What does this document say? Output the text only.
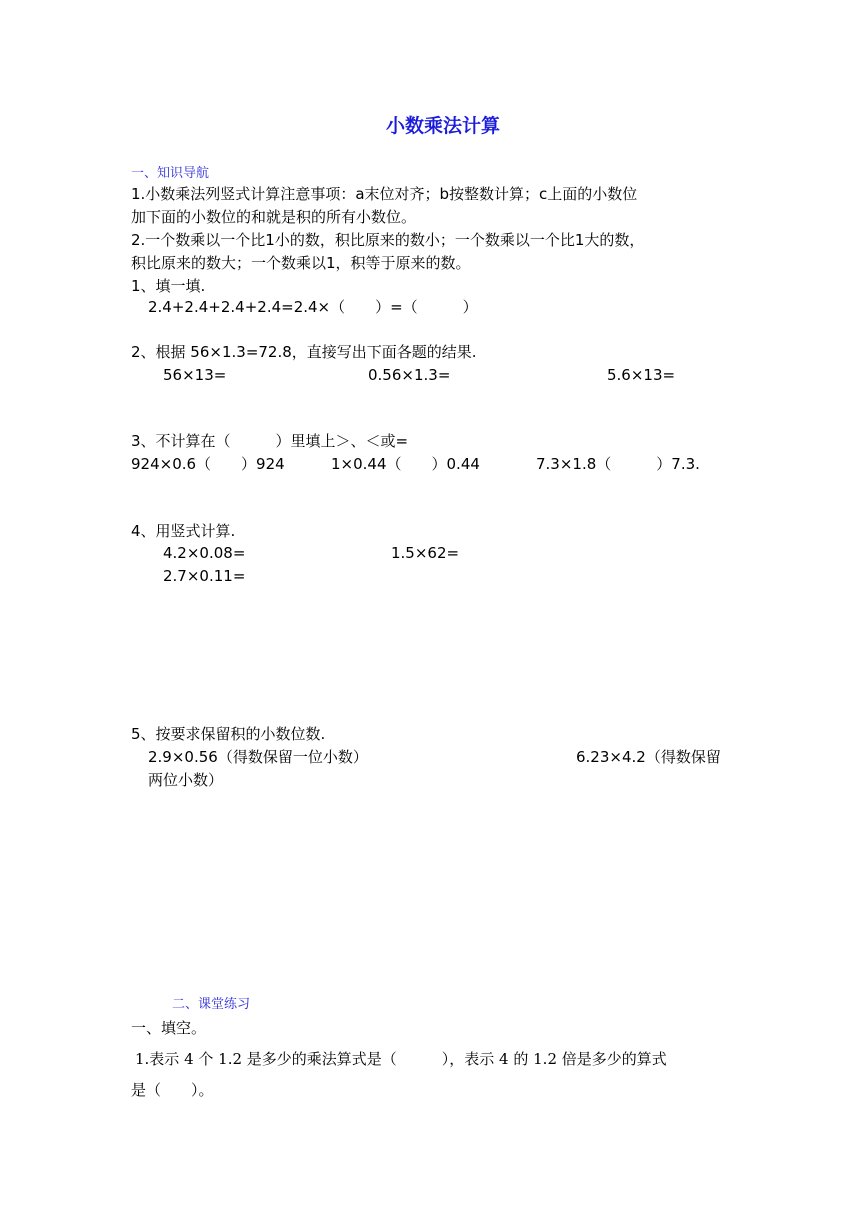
小数乘法计算
一、知识导航
1.小数乘法列竖式计算注意事项：a末位对齐；b按整数计算；c上面的小数位
加下面的小数位的和就是积的所有小数位。
2.一个数乘以一个比1小的数，积比原来的数小；一个数乘以一个比1大的数，
积比原来的数大；一个数乘以1，积等于原来的数。
1、填一填.
2.4+2.4+2.4+2.4=2.4×（　　）=（　　　）
2、根据 56×1.3=72.8，直接写出下面各题的结果.
56×13=	0.56×1.3=	5.6×13=
3、不计算在（　　　）里填上＞、＜或=
924×0.6（　　）924	1×0.44（　　）0.44	7.3×1.8（　　　）7.3.
4、用竖式计算.
4.2×0.08=	1.5×62=
2.7×0.11=
5、按要求保留积的小数位数.
2.9×0.56（得数保留一位小数）	6.23×4.2（得数保留
两位小数）
二、课堂练习
一、填空。
1.表示 4 个 1.2 是多少的乘法算式是（　　　），表示 4 的 1.2 倍是多少的算式
是（　　）。
